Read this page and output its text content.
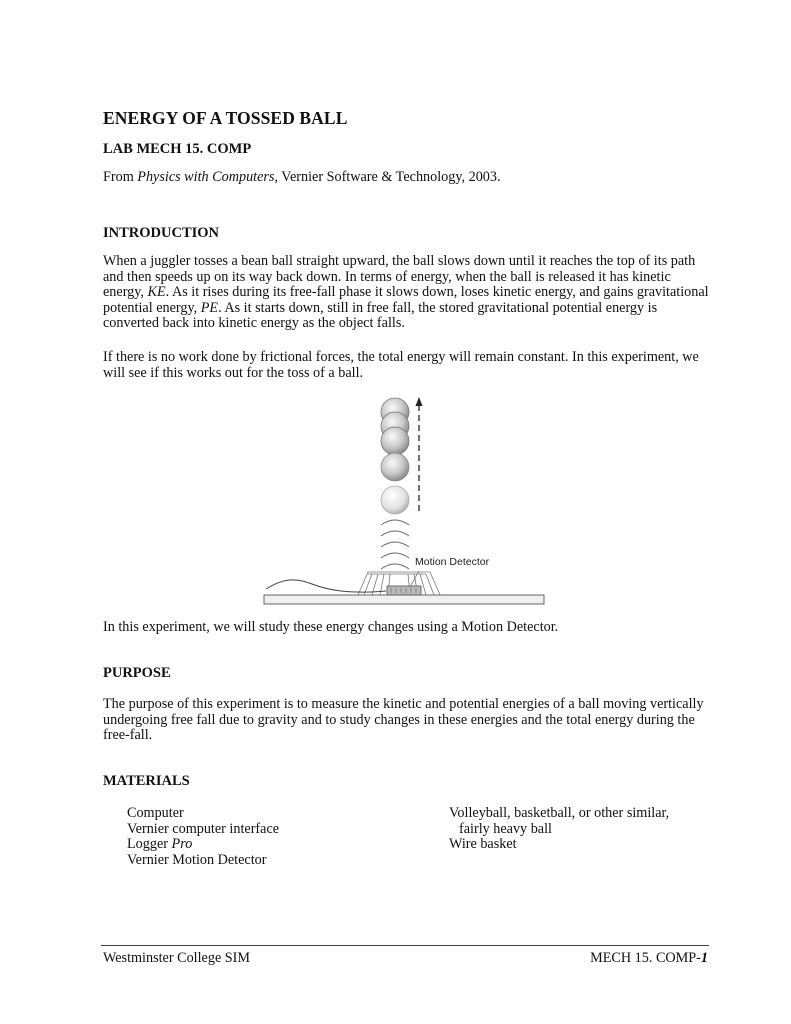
ENERGY OF A TOSSED BALL
LAB MECH 15. COMP

From Physics with Computers, Vernier Software & Technology, 2003.

INTRODUCTION

When a juggler tosses a bean ball straight upward, the ball slows down until it reaches the top of its path and then speeds up on its way back down. In terms of energy, when the ball is released it has kinetic energy, KE. As it rises during its free-fall phase it slows down, loses kinetic energy, and gains gravitational potential energy, PE. As it starts down, still in free fall, the stored gravitational potential energy is converted back into kinetic energy as the object falls.

If there is no work done by frictional forces, the total energy will remain constant. In this experiment, we will see if this works out for the toss of a ball.

Motion Detector

In this experiment, we will study these energy changes using a Motion Detector.

PURPOSE

The purpose of this experiment is to measure the kinetic and potential energies of a ball moving vertically undergoing free fall due to gravity and to study changes in these energies and the total energy during the free-fall.

MATERIALS
Computer
Vernier computer interface
Logger Pro
Vernier Motion Detector
Volleyball, basketball, or other similar,
fairly heavy ball
Wire basket
Westminster College SIM	MECH 15. COMP-1
